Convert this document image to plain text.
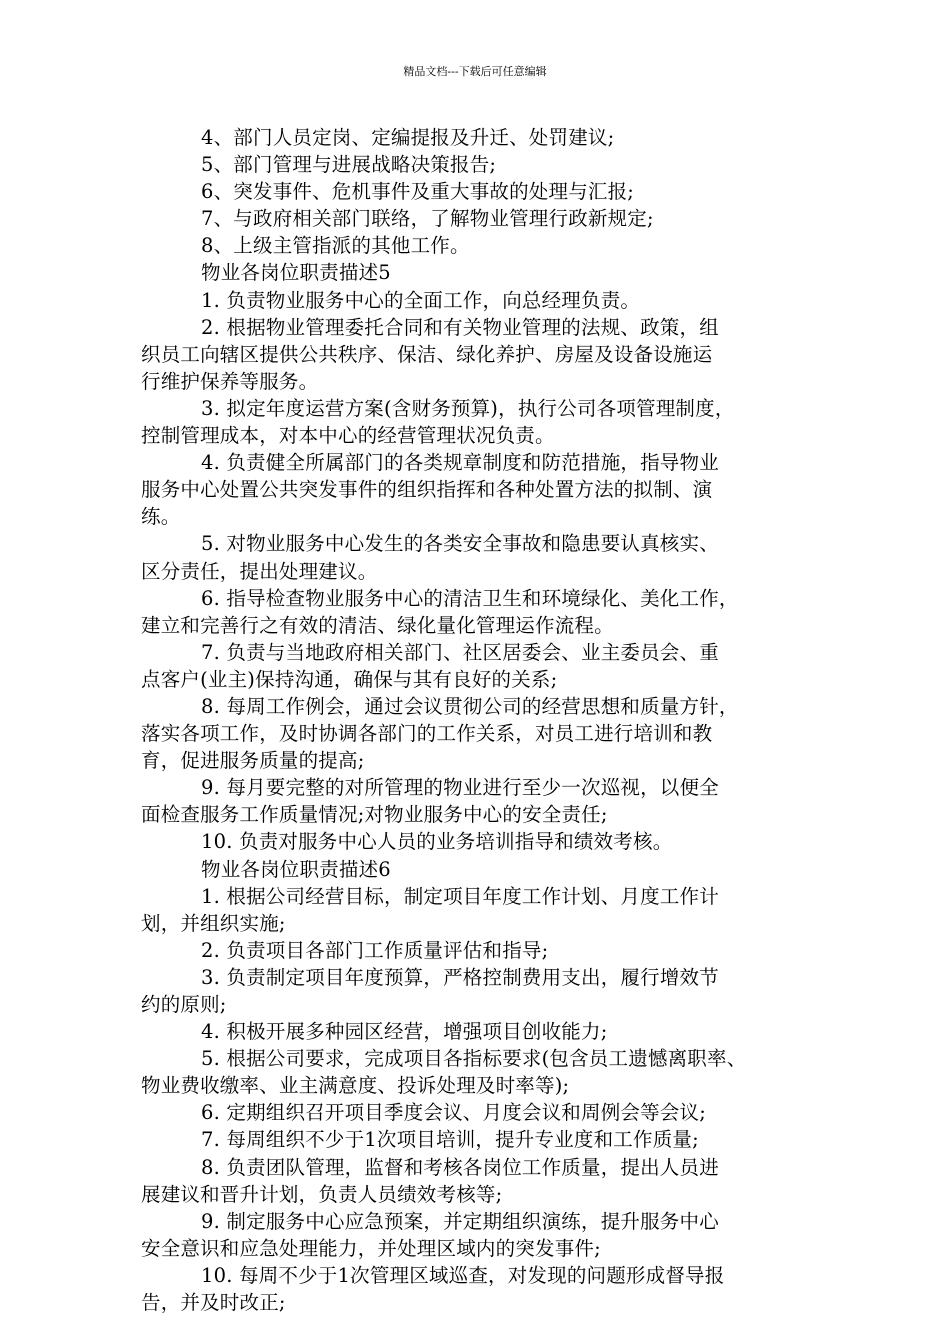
精品文档---下载后可任意编辑
4、部门人员定岗、定编提报及升迁、处罚建议;
5、部门管理与进展战略决策报告;
6、突发事件、危机事件及重大事故的处理与汇报;
7、与政府相关部门联络，了解物业管理行政新规定;
8、上级主管指派的其他工作。
物业各岗位职责描述5
1. 负责物业服务中心的全面工作，向总经理负责。
2. 根据物业管理委托合同和有关物业管理的法规、政策，组
织员工向辖区提供公共秩序、保洁、绿化养护、房屋及设备设施运
行维护保养等服务。
3. 拟定年度运营方案(含财务预算)，执行公司各项管理制度，
控制管理成本，对本中心的经营管理状况负责。
4. 负责健全所属部门的各类规章制度和防范措施，指导物业
服务中心处置公共突发事件的组织指挥和各种处置方法的拟制、演
练。
5. 对物业服务中心发生的各类安全事故和隐患要认真核实、
区分责任，提出处理建议。
6. 指导检查物业服务中心的清洁卫生和环境绿化、美化工作，
建立和完善行之有效的清洁、绿化量化管理运作流程。
7. 负责与当地政府相关部门、社区居委会、业主委员会、重
点客户(业主)保持沟通，确保与其有良好的关系;
8. 每周工作例会，通过会议贯彻公司的经营思想和质量方针，
落实各项工作，及时协调各部门的工作关系，对员工进行培训和教
育，促进服务质量的提高;
9. 每月要完整的对所管理的物业进行至少一次巡视，以便全
面检查服务工作质量情况;对物业服务中心的安全责任;
10. 负责对服务中心人员的业务培训指导和绩效考核。
物业各岗位职责描述6
1. 根据公司经营目标，制定项目年度工作计划、月度工作计
划，并组织实施;
2. 负责项目各部门工作质量评估和指导;
3. 负责制定项目年度预算，严格控制费用支出，履行增效节
约的原则;
4. 积极开展多种园区经营，增强项目创收能力;
5. 根据公司要求，完成项目各指标要求(包含员工遗憾离职率、
物业费收缴率、业主满意度、投诉处理及时率等);
6. 定期组织召开项目季度会议、月度会议和周例会等会议;
7. 每周组织不少于1次项目培训，提升专业度和工作质量;
8. 负责团队管理，监督和考核各岗位工作质量，提出人员进
展建议和晋升计划，负责人员绩效考核等;
9. 制定服务中心应急预案，并定期组织演练，提升服务中心
安全意识和应急处理能力，并处理区域内的突发事件;
10. 每周不少于1次管理区域巡查，对发现的问题形成督导报
告，并及时改正;
